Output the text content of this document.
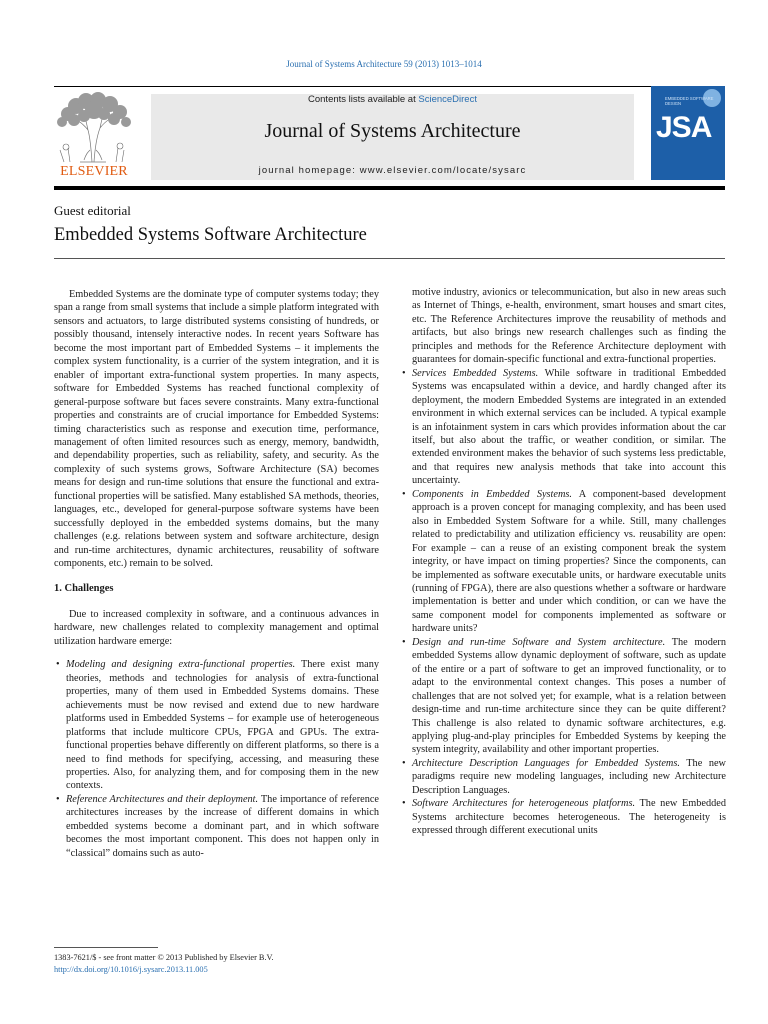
Journal of Systems Architecture 59 (2013) 1013–1014
ELSEVIER
Contents lists available at ScienceDirect
Journal of Systems Architecture
journal homepage: www.elsevier.com/locate/sysarc
EMBEDDED SOFTWARE DESIGN
JSA
Guest editorial
Embedded Systems Software Architecture

Embedded Systems are the dominate type of computer systems today; they span a range from small systems that include a simple platform integrated with sensors and actuators, to large distributed systems consisting of hundreds, or possibly thousand, intensely interactive nodes. In recent years Software has become the most important part of Embedded Systems – it implements the complex system functionality, is a currier of the system integration, and it is enabler of important extra-functional system properties. In many aspects, software for Embedded Systems has reached functional complexity of general-purpose software but faces severe constraints. Many extra-functional properties and constraints are of crucial importance for Embedded Systems: timing characteristics such as response and execution time, performance, management of often limited resources such as energy, memory, bandwidth, and dependability properties, such as reliability, safety, and security. As the complexity of such systems grows, Software Architecture (SA) becomes means for design and run-time solutions that ensure the functional and extra-functional properties will be satisfied. Many established SA methods, theories, languages, etc., developed for general-purpose software systems have been successfully deployed in the embedded systems domains, but the many challenges (e.g. relations between system and software architecture, design and run-time architectures, dynamic architectures, reusability of software components, etc.) remain to be solved.

1. Challenges

Due to increased complexity in software, and a continuous advances in hardware, new challenges related to complexity management and optimal utilization hardware emerge:

• Modeling and designing extra-functional properties. There exist many theories, methods and technologies for analysis of extra-functional properties, many of them used in Embedded Systems domains. These achievements must be now revised and extend due to new hardware platforms used in Embedded Systems – for example use of heterogeneous platforms that include multicore CPUs, FPGA and GPUs. The extra-functional properties behave differently on different platforms, so there is a need to find methods for specifying, accessing, and measuring these properties. Also, for analyzing them, and for composing them in the new contexts.
• Reference Architectures and their deployment. The importance of reference architectures increases by the increase of different domains in which embedded systems become a dominant part, and in which software becomes the most important component. This does not happen only in “classical” domains such as auto-

motive industry, avionics or telecommunication, but also in new areas such as Internet of Things, e-health, environment, smart houses and smart cites, etc. The Reference Architectures improve the reusability of methods and artifacts, but also brings new research challenges such as finding the principles and methods for the Reference Architecture deployment with guarantees for domain-specific functional and extra-functional properties.

• Services Embedded Systems. While software in traditional Embedded Systems was encapsulated within a device, and hardly changed after its deployment, the modern Embedded Systems are integrated in an extended environment in which external services can be included. A typical example is an infotainment system in cars which provides information about the car itself, but also about the traffic, or weather condition, or similar. The extended environment makes the behavior of such systems less predictable, and that requires new analysis methods that take into account this uncertainty.
• Components in Embedded Systems. A component-based development approach is a proven concept for managing complexity, and has been used also in Embedded System Software for a while. Still, many challenges related to predictability and utilization efficiency vs. reusability are open: For example – can a reuse of an existing component break the system integrity, or have impact on timing properties? Since the components, can be implemented as software executable units, or hardware executable units (running of FPGA), there are also questions whether a software or hardware implementation is better and under which condition, or can we have the same component model for components implemented as software or hardware units?
• Design and run-time Software and System architecture. The modern embedded Systems allow dynamic deployment of software, such as update of the entire or a part of software to get an improved functionality, or to adapt to the environmental context changes. This poses a number of challenges that are not solved yet; for example, what is a relation between design-time and run-time architecture since they can be quite different? This challenge is also related to dynamic software architectures, e.g. applying plug-and-play principles for Embedded Systems by keeping the system integrity, availability and other important properties.
• Architecture Description Languages for Embedded Systems. The new paradigms require new modeling languages, including new Architecture Description Languages.
• Software Architectures for heterogeneous platforms. The new Embedded Systems architecture becomes heterogeneous. The heterogeneity is expressed through different executional units
1383-7621/$ - see front matter © 2013 Published by Elsevier B.V.
http://dx.doi.org/10.1016/j.sysarc.2013.11.005
